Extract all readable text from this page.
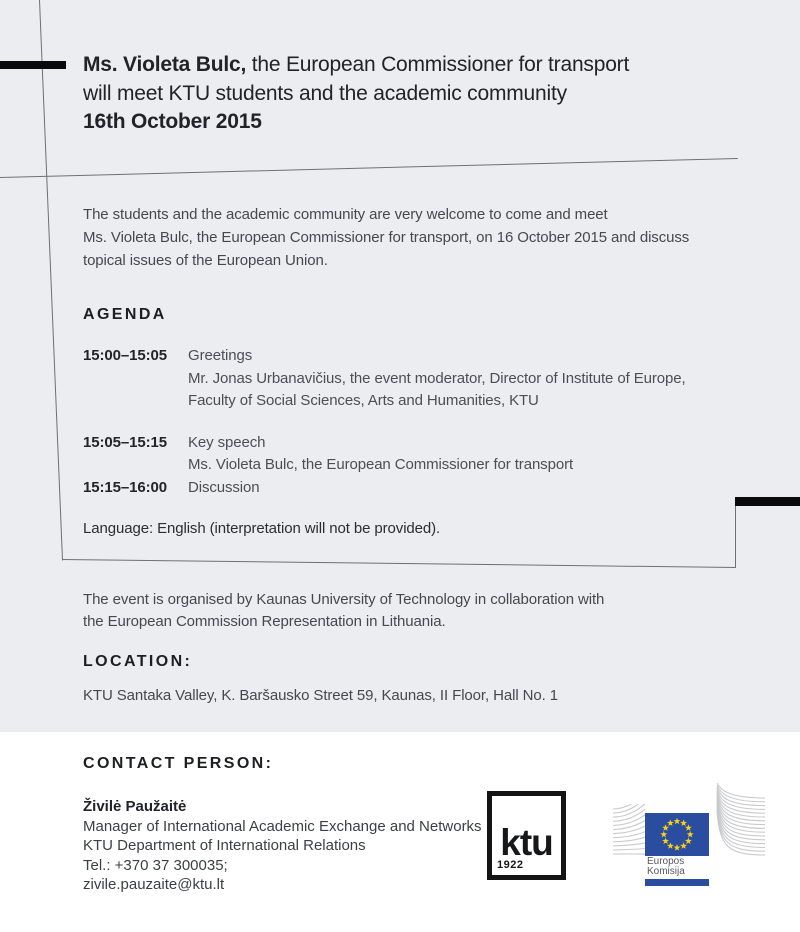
Ms. Violeta Bulc, the European Commissioner for transport
will meet KTU students and the academic community
16th October 2015
The students and the academic community are very welcome to come and meet
Ms. Violeta Bulc, the European Commissioner for transport, on 16 October 2015 and discuss
topical issues of the European Union.
AGENDA
15:00–15:05	Greetings
Mr. Jonas Urbanavičius, the event moderator, Director of Institute of Europe,
Faculty of Social Sciences, Arts and Humanities, KTU
15:05–15:15	Key speech
Ms. Violeta Bulc, the European Commissioner for transport
15:15–16:00	Discussion
Language: English (interpretation will not be provided).
The event is organised by Kaunas University of Technology in collaboration with
the European Commission Representation in Lithuania.
LOCATION:
KTU Santaka Valley, K. Baršausko Street 59, Kaunas, II Floor, Hall No. 1
CONTACT PERSON:
Živilė Paužaitė
Manager of International Academic Exchange and Networks
KTU Department of International Relations
Tel.: +370 37 300035;
zivile.pauzaite@ktu.lt
ktu
1922	Europos
Komisija
